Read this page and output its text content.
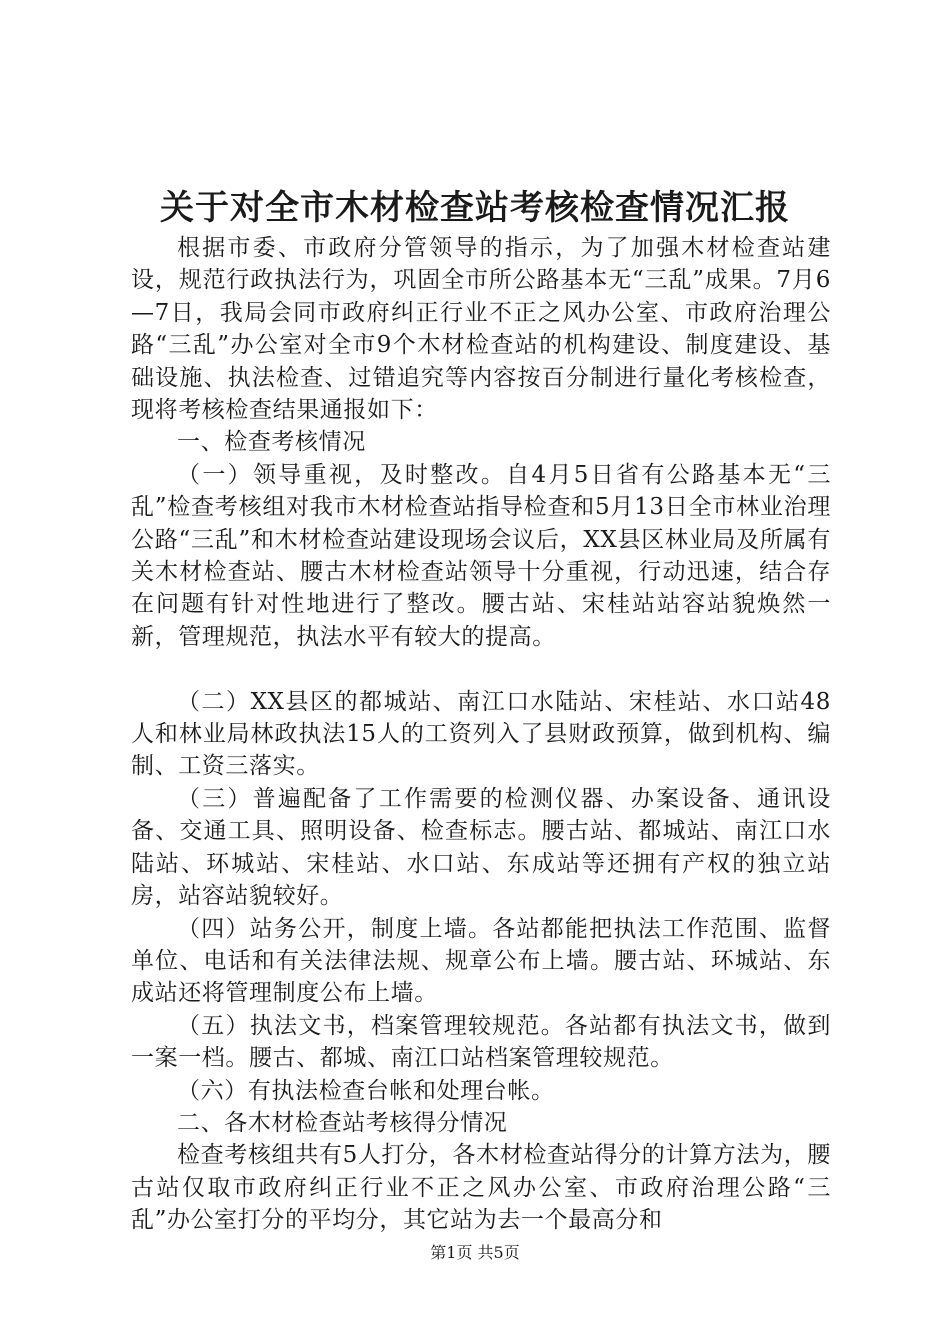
关于对全市木材检查站考核检查情况汇报

根据市委、市政府分管领导的指示，为了加强木材检查站建设，规范行政执法行为，巩固全市所公路基本无“三乱”成果。7月6—7日，我局会同市政府纠正行业不正之风办公室、市政府治理公路“三乱”办公室对全市9个木材检查站的机构建设、制度建设、基础设施、执法检查、过错追究等内容按百分制进行量化考核检查，现将考核检查结果通报如下：

一、检查考核情况

（一）领导重视，及时整改。自4月5日省有公路基本无“三乱”检查考核组对我市木材检查站指导检查和5月13日全市林业治理公路“三乱”和木材检查站建设现场会议后，XX县区林业局及所属有关木材检查站、腰古木材检查站领导十分重视，行动迅速，结合存在问题有针对性地进行了整改。腰古站、宋桂站站容站貌焕然一新，管理规范，执法水平有较大的提高。

（二）XX县区的都城站、南江口水陆站、宋桂站、水口站48人和林业局林政执法15人的工资列入了县财政预算，做到机构、编制、工资三落实。

（三）普遍配备了工作需要的检测仪器、办案设备、通讯设备、交通工具、照明设备、检查标志。腰古站、都城站、南江口水陆站、环城站、宋桂站、水口站、东成站等还拥有产权的独立站房，站容站貌较好。

（四）站务公开，制度上墙。各站都能把执法工作范围、监督单位、电话和有关法律法规、规章公布上墙。腰古站、环城站、东成站还将管理制度公布上墙。

（五）执法文书，档案管理较规范。各站都有执法文书，做到一案一档。腰古、都城、南江口站档案管理较规范。

（六）有执法检查台帐和处理台帐。

二、各木材检查站考核得分情况

检查考核组共有5人打分，各木材检查站得分的计算方法为，腰古站仅取市政府纠正行业不正之风办公室、市政府治理公路“三乱”办公室打分的平均分，其它站为去一个最高分和

第1页 共5页
